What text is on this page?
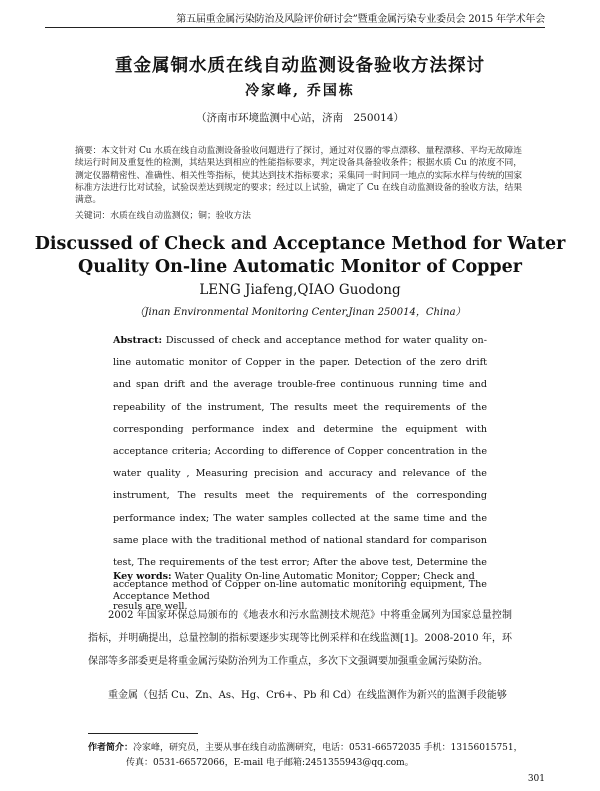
第五届重金属污染防治及风险评价研讨会”暨重金属污染专业委员会 2015 年学术年会
重金属铜水质在线自动监测设备验收方法探讨
冷家峰, 乔国栋
（济南市环境监测中心站，济南　250014）
摘要：本文针对 Cu 水质在线自动监测设备验收问题进行了探讨，通过对仪器的零点漂移、量程漂移、平均无故障连续运行时间及重复性的检测，其结果达到相应的性能指标要求，判定设备具备验收条件；根据水质 Cu 的浓度不同，测定仪器精密性、准确性、相关性等指标，使其达到技术指标要求；采集同一时间同一地点的实际水样与传统的国家标准方法进行比对试验，试验误差达到规定的要求；经过以上试验，确定了 Cu 在线自动监测设备的验收方法，结果满意。
关键词：水质在线自动监测仪；铜；验收方法
Discussed of Check and Acceptance Method for Water
Quality On-line Automatic Monitor of Copper
LENG Jiafeng,QIAO Guodong
（Jinan Environmental Monitoring Center,Jinan 250014，China）
Abstract: Discussed of check and acceptance method for water quality on-line automatic monitor of Copper in the paper. Detection of the zero drift and span drift and the average trouble-free continuous running time and repeability of the instrument, The results meet the requirements of the corresponding performance index and determine the equipment with acceptance criteria; According to difference of Copper concentration in the water quality , Measuring precision and accuracy and relevance of the instrument, The results meet the requirements of the corresponding performance index; The water samples collected at the same time and the same place with the traditional method of national standard for comparison test, The requirements of the test error; After the above test, Determine the acceptance method of Copper on-line automatic monitoring equipment, The resuls are well.
Key words: Water Quality On-line Automatic Monitor; Copper; Check and Acceptance Method
2002 年国家环保总局颁布的《地表水和污水监测技术规范》中将重金属列为国家总量控制指标，并明确提出，总量控制的指标要逐步实现等比例采样和在线监测[1]。2008-2010 年，环保部等多部委更是将重金属污染防治列为工作重点，多次下文强调要加强重金属污染防治。
重金属（包括 Cu、Zn、As、Hg、Cr6+、Pb 和 Cd）在线监测作为新兴的监测手段能够
作者简介：冷家峰，研究员，主要从事在线自动监测研究，电话：0531-66572035 手机：13156015751，
传真：0531-66572066，E-mail 电子邮箱:2451355943@qq.com。
301
